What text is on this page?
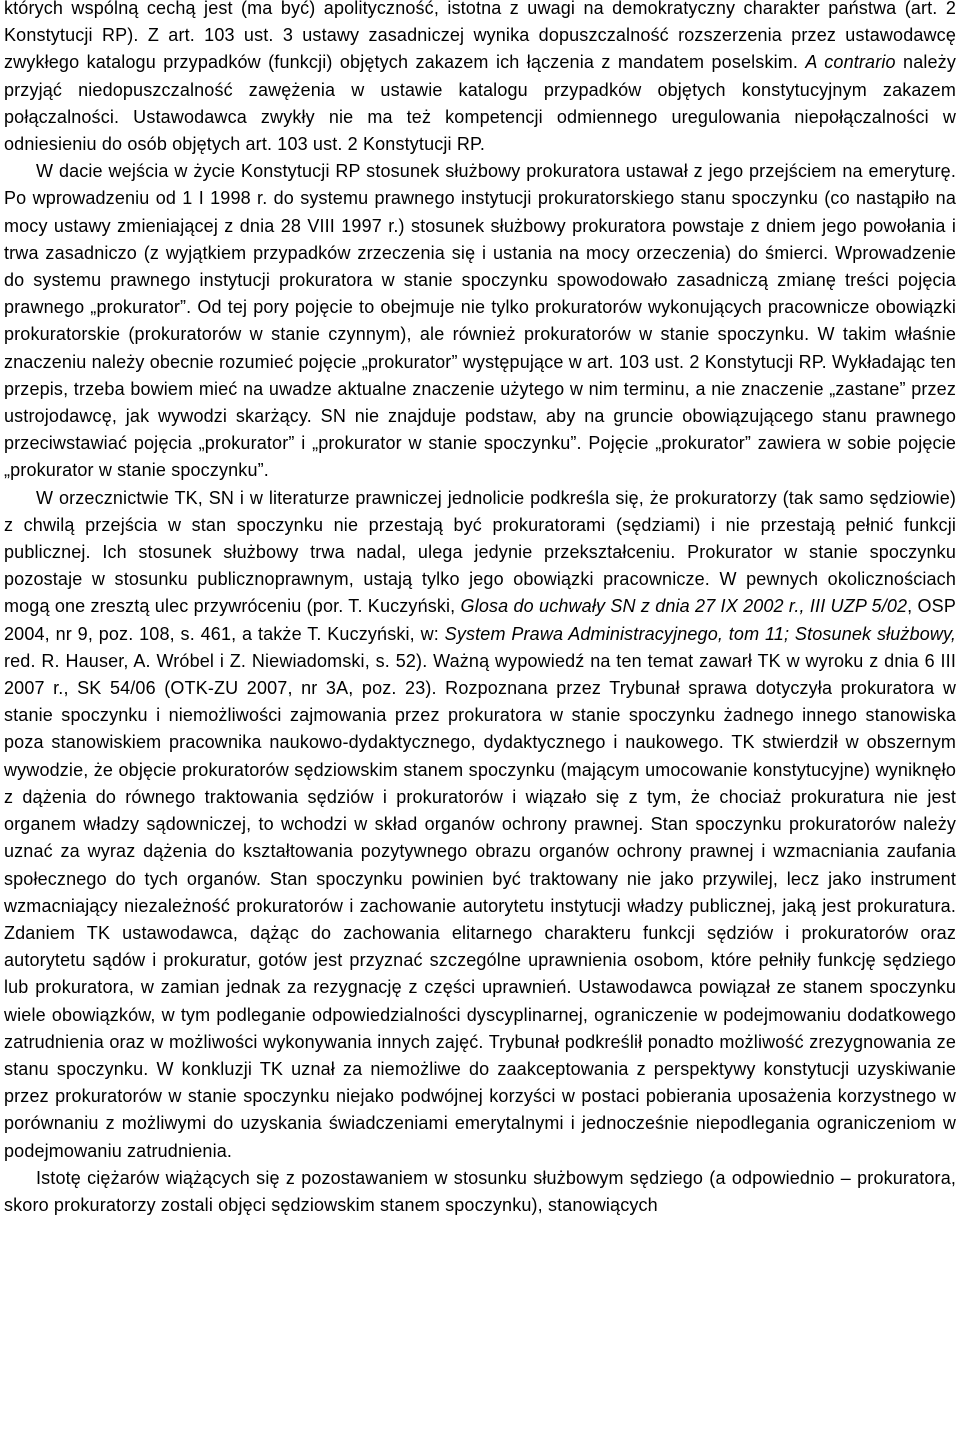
których wspólną cechą jest (ma być) apolityczność, istotna z uwagi na demokratyczny charakter państwa (art. 2 Konstytucji RP). Z art. 103 ust. 3 ustawy zasadniczej wynika dopuszczalność rozszerzenia przez ustawodawcę zwykłego katalogu przypadków (funkcji) objętych zakazem ich łączenia z mandatem poselskim. A contrario należy przyjąć niedopuszczalność zawężenia w ustawie katalogu przypadków objętych konstytucyjnym zakazem połączalności. Ustawodawca zwykły nie ma też kompetencji odmiennego uregulowania niepołączalności w odniesieniu do osób objętych art. 103 ust. 2 Konstytucji RP.

W dacie wejścia w życie Konstytucji RP stosunek służbowy prokuratora ustawał z jego przejściem na emeryturę. Po wprowadzeniu od 1 I 1998 r. do systemu prawnego instytucji prokuratorskiego stanu spoczynku (co nastąpiło na mocy ustawy zmieniającej z dnia 28 VIII 1997 r.) stosunek służbowy prokuratora powstaje z dniem jego powołania i trwa zasadniczo (z wyjątkiem przypadków zrzeczenia się i ustania na mocy orzeczenia) do śmierci. Wprowadzenie do systemu prawnego instytucji prokuratora w stanie spoczynku spowodowało zasadniczą zmianę treści pojęcia prawnego „prokurator”. Od tej pory pojęcie to obejmuje nie tylko prokuratorów wykonujących pracownicze obowiązki prokuratorskie (prokuratorów w stanie czynnym), ale również prokuratorów w stanie spoczynku. W takim właśnie znaczeniu należy obecnie rozumieć pojęcie „prokurator” występujące w art. 103 ust. 2 Konstytucji RP. Wykładając ten przepis, trzeba bowiem mieć na uwadze aktualne znaczenie użytego w nim terminu, a nie znaczenie „zastane” przez ustrojodawcę, jak wywodzi skarżący. SN nie znajduje podstaw, aby na gruncie obowiązującego stanu prawnego przeciwstawiać pojęcia „prokurator” i „prokurator w stanie spoczynku”. Pojęcie „prokurator” zawiera w sobie pojęcie „prokurator w stanie spoczynku”.

W orzecznictwie TK, SN i w literaturze prawniczej jednolicie podkreśla się, że prokuratorzy (tak samo sędziowie) z chwilą przejścia w stan spoczynku nie przestają być prokuratorami (sędziami) i nie przestają pełnić funkcji publicznej. Ich stosunek służbowy trwa nadal, ulega jedynie przekształceniu. Prokurator w stanie spoczynku pozostaje w stosunku publicznoprawnym, ustają tylko jego obowiązki pracownicze. W pewnych okolicznościach mogą one zresztą ulec przywróceniu (por. T. Kuczyński, Glosa do uchwały SN z dnia 27 IX 2002 r., III UZP 5/02, OSP 2004, nr 9, poz. 108, s. 461, a także T. Kuczyński, w: System Prawa Administracyjnego, tom 11; Stosunek służbowy, red. R. Hauser, A. Wróbel i Z. Niewiadomski, s. 52). Ważną wypowiedź na ten temat zawarł TK w wyroku z dnia 6 III 2007 r., SK 54/06 (OTK-ZU 2007, nr 3A, poz. 23). Rozpoznana przez Trybunał sprawa dotyczyła prokuratora w stanie spoczynku i niemożliwości zajmowania przez prokuratora w stanie spoczynku żadnego innego stanowiska poza stanowiskiem pracownika naukowo-dydaktycznego, dydaktycznego i naukowego. TK stwierdził w obszernym wywodzie, że objęcie prokuratorów sędziowskim stanem spoczynku (mającym umocowanie konstytucyjne) wyniknęło z dążenia do równego traktowania sędziów i prokuratorów i wiązało się z tym, że chociaż prokuratura nie jest organem władzy sądowniczej, to wchodzi w skład organów ochrony prawnej. Stan spoczynku prokuratorów należy uznać za wyraz dążenia do kształtowania pozytywnego obrazu organów ochrony prawnej i wzmacniania zaufania społecznego do tych organów. Stan spoczynku powinien być traktowany nie jako przywilej, lecz jako instrument wzmacniający niezależność prokuratorów i zachowanie autorytetu instytucji władzy publicznej, jaką jest prokuratura. Zdaniem TK ustawodawca, dążąc do zachowania elitarnego charakteru funkcji sędziów i prokuratorów oraz autorytetu sądów i prokuratur, gotów jest przyznać szczególne uprawnienia osobom, które pełniły funkcję sędziego lub prokuratora, w zamian jednak za rezygnację z części uprawnień. Ustawodawca powiązał ze stanem spoczynku wiele obowiązków, w tym podleganie odpowiedzialności dyscyplinarnej, ograniczenie w podejmowaniu dodatkowego zatrudnienia oraz w możliwości wykonywania innych zajęć. Trybunał podkreślił ponadto możliwość zrezygnowania ze stanu spoczynku. W konkluzji TK uznał za niemożliwe do zaakceptowania z perspektywy konstytucji uzyskiwanie przez prokuratorów w stanie spoczynku niejako podwójnej korzyści w postaci pobierania uposażenia korzystnego w porównaniu z możliwymi do uzyskania świadczeniami emerytalnymi i jednocześnie niepodlegania ograniczeniom w podejmowaniu zatrudnienia.

Istotę ciężarów wiążących się z pozostawaniem w stosunku służbowym sędziego (a odpowiednio – prokuratora, skoro prokuratorzy zostali objęci sędziowskim stanem spoczynku), stanowiących
